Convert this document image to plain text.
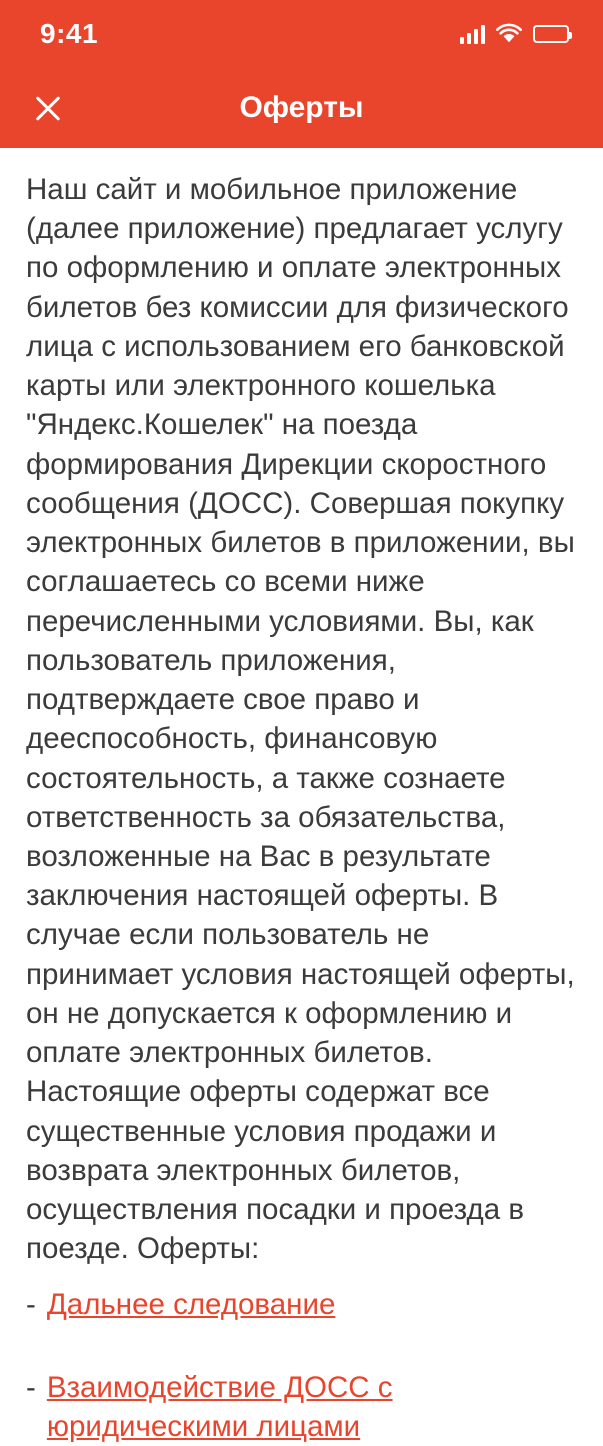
9:41
Оферты
Наш сайт и мобильное приложение (далее приложение) предлагает услугу по оформлению и оплате электронных билетов без комиссии для физического лица с использованием его банковской карты или электронного кошелька "Яндекс.Кошелек" на поезда формирования Дирекции скоростного сообщения (ДОСС). Совершая покупку электронных билетов в приложении, вы соглашаетесь со всеми ниже перечисленными условиями. Вы, как пользователь приложения, подтверждаете свое право и дееспособность, финансовую состоятельность, а также сознаете ответственность за обязательства, возложенные на Вас в результате заключения настоящей оферты. В случае если пользователь не принимает условия настоящей оферты, он не допускается к оформлению и оплате электронных билетов. Настоящие оферты содержат все существенные условия продажи и возврата электронных билетов, осуществления посадки и проезда в поезде. Оферты:
- Дальнее следование
- Взаимодействие ДОСС с юридическими лицами
